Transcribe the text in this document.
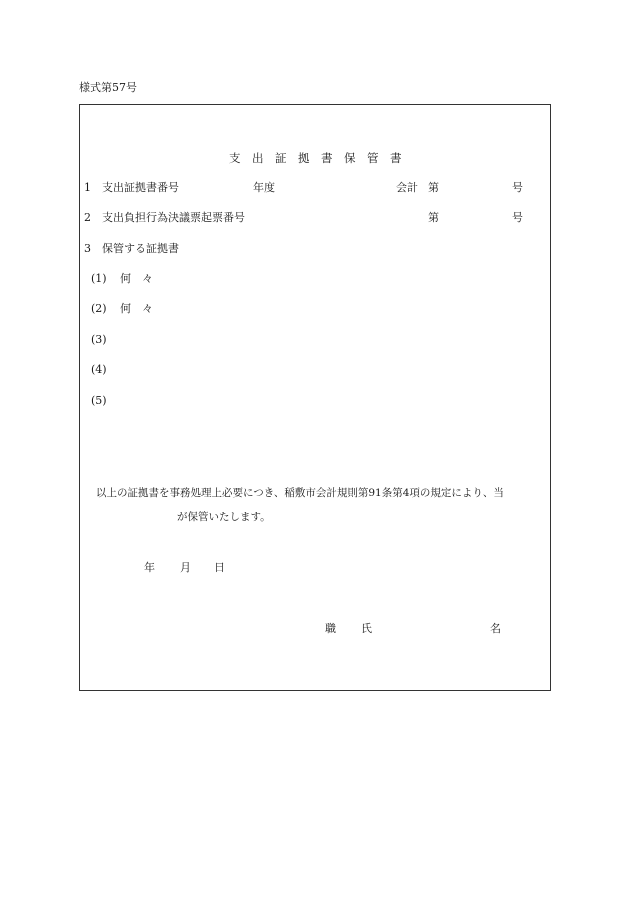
様式第57号
支　出　証　拠　書　保　管　書
1 支出証拠書番号	年度	会計 第	号
2 支出負担行為決議票起票番号	第	号
3 保管する証拠書
(1) 何　々
(2) 何　々
(3)
(4)
(5)
以上の証拠書を事務処理上必要につき、稲敷市会計規則第91条第4項の規定により、当
が保管いたします。
年 月 日
職 氏	名
